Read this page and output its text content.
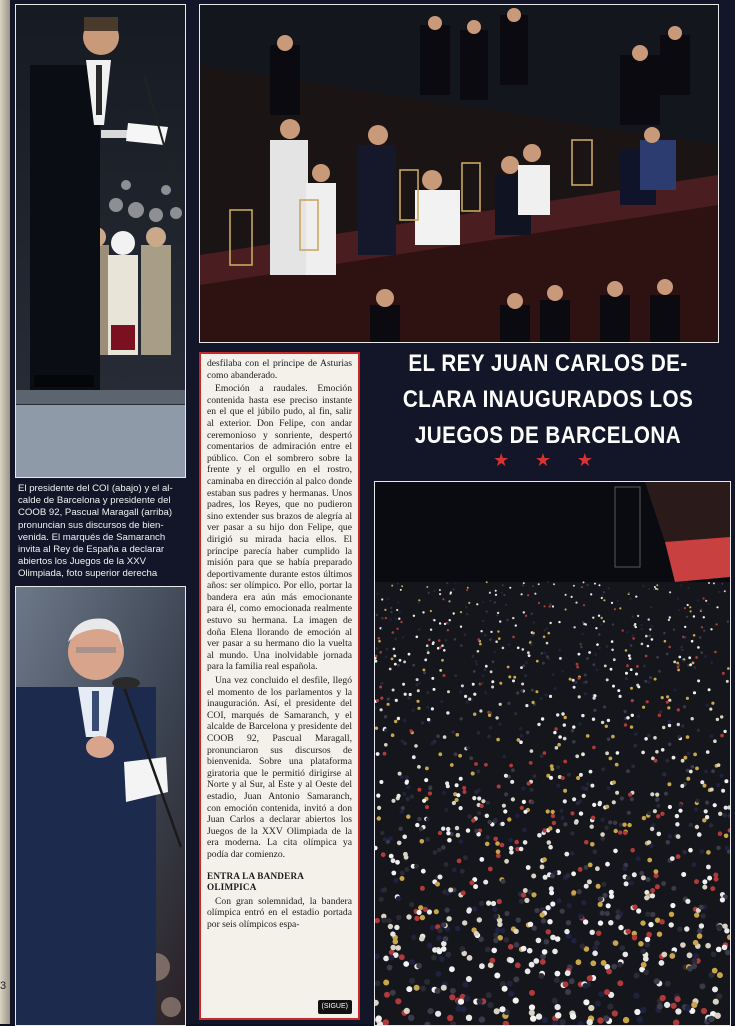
3

El presidente del COI (abajo) y el al-

calde de Barcelona y presidente del

COOB 92, Pascual Maragall (arriba)

pronuncian sus discursos de bien-

venida. El marqués de Samaranch

invita al Rey de España a declarar

abiertos los Juegos de la XXV

Olimpiada, foto superior derecha

desfilaba con el príncipe de Asturias como abanderado.

Emoción a raudales. Emoción contenida hasta ese preciso instante en el que el júbilo pudo, al fin, salir al exterior. Don Felipe, con andar ceremonioso y sonriente, despertó comentarios de admiración entre el público. Con el sombrero sobre la frente y el orgullo en el rostro, caminaba en dirección al palco donde estaban sus padres y hermanas. Unos padres, los Reyes, que no pudieron sino extender sus brazos de alegría al ver pasar a su hijo don Felipe, que dirigió su mirada hacia ellos. El príncipe parecía haber cumplido la misión para que se había preparado deportivamente durante estos últimos años: ser olímpico. Por ello, portar la bandera era aún más emocionante para él, como emocionada realmente estuvo su hermana. La imagen de doña Elena llorando de emoción al ver pasar a su hermano dio la vuelta al mundo. Una inolvidable jornada para la familia real española.

Una vez concluido el desfile, llegó el momento de los parlamentos y la inauguración. Así, el presidente del COI, marqués de Samaranch, y el alcalde de Barcelona y presidente del COOB 92, Pascual Maragall, pronunciaron sus discursos de bienvenida. Sobre una plataforma giratoria que le permitió dirigirse al Norte y al Sur, al Este y al Oeste del estadio, Juan Antonio Samaranch, con emoción contenida, invitó a don Juan Carlos a declarar abiertos los Juegos de la XXV Olimpiada de la era moderna. La cita olímpica ya podía dar comienzo.

ENTRA LA BANDERA OLIMPICA

Con gran solemnidad, la bandera olímpica entró en el estadio portada por seis olímpicos espa-

(SIGUE)
EL REY JUAN CARLOS DE-
CLARA INAUGURADOS LOS
JUEGOS DE BARCELONA
★ ★ ★
